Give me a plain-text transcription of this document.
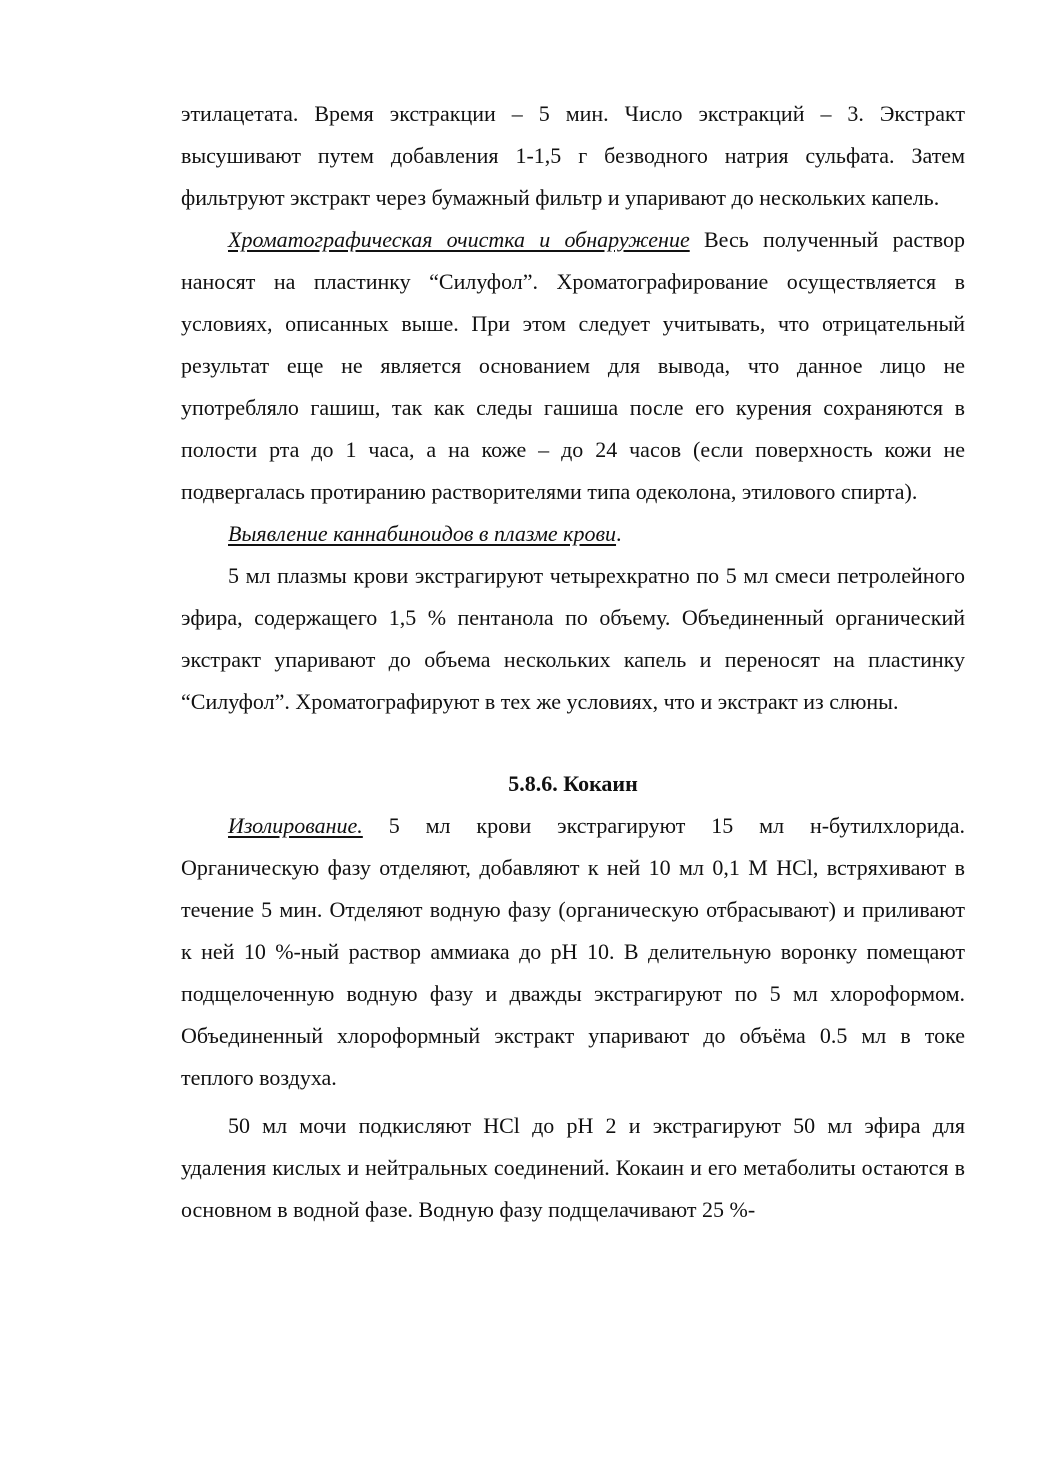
этилацетата. Время экстракции – 5 мин. Число экстракций – 3. Экстракт высушивают путем добавления 1-1,5 г безводного натрия сульфата. Затем фильтруют экстракт через бумажный фильтр и упаривают до нескольких капель.

Хроматографическая очистка и обнаружение Весь полученный раствор наносят на пластинку “Силуфол”. Хроматографирование осуществляется в условиях, описанных выше. При этом следует учитывать, что отрицательный результат еще не является основанием для вывода, что данное лицо не употребляло гашиш, так как следы гашиша после его курения сохраняются в полости рта до 1 часа, а на коже – до 24 часов (если поверхность кожи не подвергалась протиранию растворителями типа одеколона, этилового спирта).

Выявление каннабиноидов в плазме крови.

5 мл плазмы крови экстрагируют четырехкратно по 5 мл смеси петролейного эфира, содержащего 1,5 % пентанола по объему. Объединенный органический экстракт упаривают до объема нескольких капель и переносят на пластинку “Силуфол”. Хроматографируют в тех же условиях, что и экстракт из слюны.

5.8.6. Кокаин

Изолирование. 5 мл крови экстрагируют 15 мл н-бутилхлорида. Органическую фазу отделяют, добавляют к ней 10 мл 0,1 М HCl, встряхивают в течение 5 мин. Отделяют водную фазу (органическую отбрасывают) и приливают к ней 10 %-ный раствор аммиака до pH 10. В делительную воронку помещают подщелоченную водную фазу и дважды экстрагируют по 5 мл хлороформом. Объединенный хлороформный экстракт упаривают до объёма 0.5 мл в токе теплого воздуха.

50 мл мочи подкисляют HCl до pH 2 и экстрагируют 50 мл эфира для удаления кислых и нейтральных соединений. Кокаин и его метаболиты остаются в основном в водной фазе. Водную фазу подщелачивают 25 %-
